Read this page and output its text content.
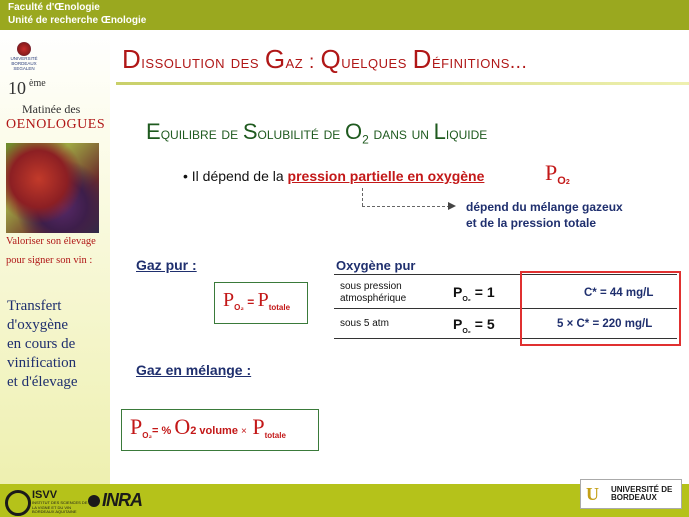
Faculté d'Œnologie
Unité de recherche Œnologie
UNIVERSITÉ BORDEAUX SEGALEN
10 ème
Matinée des
OENOLOGUES
Valoriser son élevage
pour signer son vin :
Transfert
d'oxygène
en cours de
vinification
et d'élevage
Dissolution des Gaz : Quelques Définitions...
Equilibre de Solubilité de $O_2$ dans un Liquide
• Il dépend de la pression partielle en oxygène	PO2
dépend du mélange gazeux
et de la pression totale
Gaz pur :
$P_{O_2} = P_{totale}$
Gaz en mélange :
PO₂= % O2 volume × Ptotale
Oxygène pur
sous pression atmosphérique	$P_{O_2} = 1$	C* = 44 mg/L
sous 5 atm	$P_{O_2} = 5$	5 × C* = 220 mg/L
ISVV
INSTITUT DES SCIENCES DE LA VIGNE ET DU VIN BORDEAUX AQUITAINE
INRA	U UNIVERSITÉ DE
BORDEAUX
